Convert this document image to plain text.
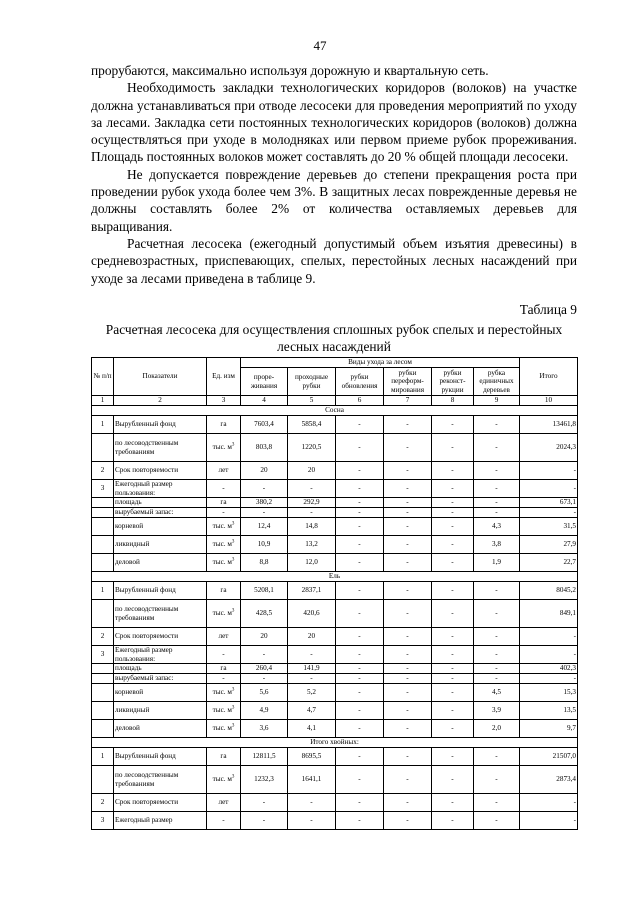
47

прорубаются, максимально используя дорожную и квартальную сеть.

Необходимость закладки технологических коридоров (волоков) на участке должна устанавливаться при отводе лесосеки для проведения мероприятий по уходу за лесами. Закладка сети постоянных технологических коридоров (волоков) должна осуществляться при уходе в молодняках или первом приеме рубок прореживания. Площадь постоянных волоков может составлять до 20 % общей площади лесосеки.

Не допускается повреждение деревьев до степени прекращения роста при проведении рубок ухода более чем 3%. В защитных лесах поврежденные деревья не должны составлять более 2% от количества оставляемых деревьев для выращивания.

Расчетная лесосека (ежегодный допустимый объем изъятия древесины) в средневозрастных, приспевающих, спелых, перестойных лесных насаждений при уходе за лесами приведена в таблице 9.

Таблица 9
Расчетная лесосека для осуществления сплошных рубок спелых и перестойных лесных насаждений
№ п/п	Показатели	Ед. изм	Виды ухода за лесом						Итого
			проре-живания	проходные рубки	рубки обновления	рубки переформ-мирования	рубки реконст-рукции	рубка единичных деревьев	
1	2	3	4	5	6	7	8	9	10
Сосна									
1	Вырубленный фонд	га	7603,4	5858,4	-	-	-	-	13461,8
	по лесоводственным требованиям	тыс. $м^3$	803,8	1220,5	-	-	-	-	2024,3
2	Срок повторяемости	лет	20	20	-	-	-	-	-
3	Ежегодный размер пользования:	-	-	-	-	-	-	-	-
	площадь	га	380,2	292,9	-	-	-	-	673,1
	вырубаемый запас:	-	-	-	-	-	-	-	-
	корневой	тыс. $м^3$	12,4	14,8	-	-	-	4,3	31,5
	ликвидный	тыс. $м^3$	10,9	13,2	-	-	-	3,8	27,9
	деловой	тыс. $м^3$	8,8	12,0	-	-	-	1,9	22,7
Ель									
1	Вырубленный фонд	га	5208,1	2837,1	-	-	-	-	8045,2
	по лесоводственным требованиям	тыс. $м^3$	428,5	420,6	-	-	-	-	849,1
2	Срок повторяемости	лет	20	20	-	-	-	-	-
3	Ежегодный размер пользования:	-	-	-	-	-	-	-	-
	площадь	га	260,4	141,9	-	-	-	-	402,3
	вырубаемый запас:	-	-	-	-	-	-	-	-
	корневой	тыс. $м^3$	5,6	5,2	-	-	-	4,5	15,3
	ликвидный	тыс. $м^3$	4,9	4,7	-	-	-	3,9	13,5
	деловой	тыс. $м^3$	3,6	4,1	-	-	-	2,0	9,7
Итого хвойных:									
1	Вырубленный фонд	га	12811,5	8695,5	-	-	-	-	21507,0
	по лесоводственным требованиям	тыс. $м^3$	1232,3	1641,1	-	-	-	-	2873,4
2	Срок повторяемости	лет	-	-	-	-	-	-	-
3	Ежегодный размер	-	-	-	-	-	-	-	-
